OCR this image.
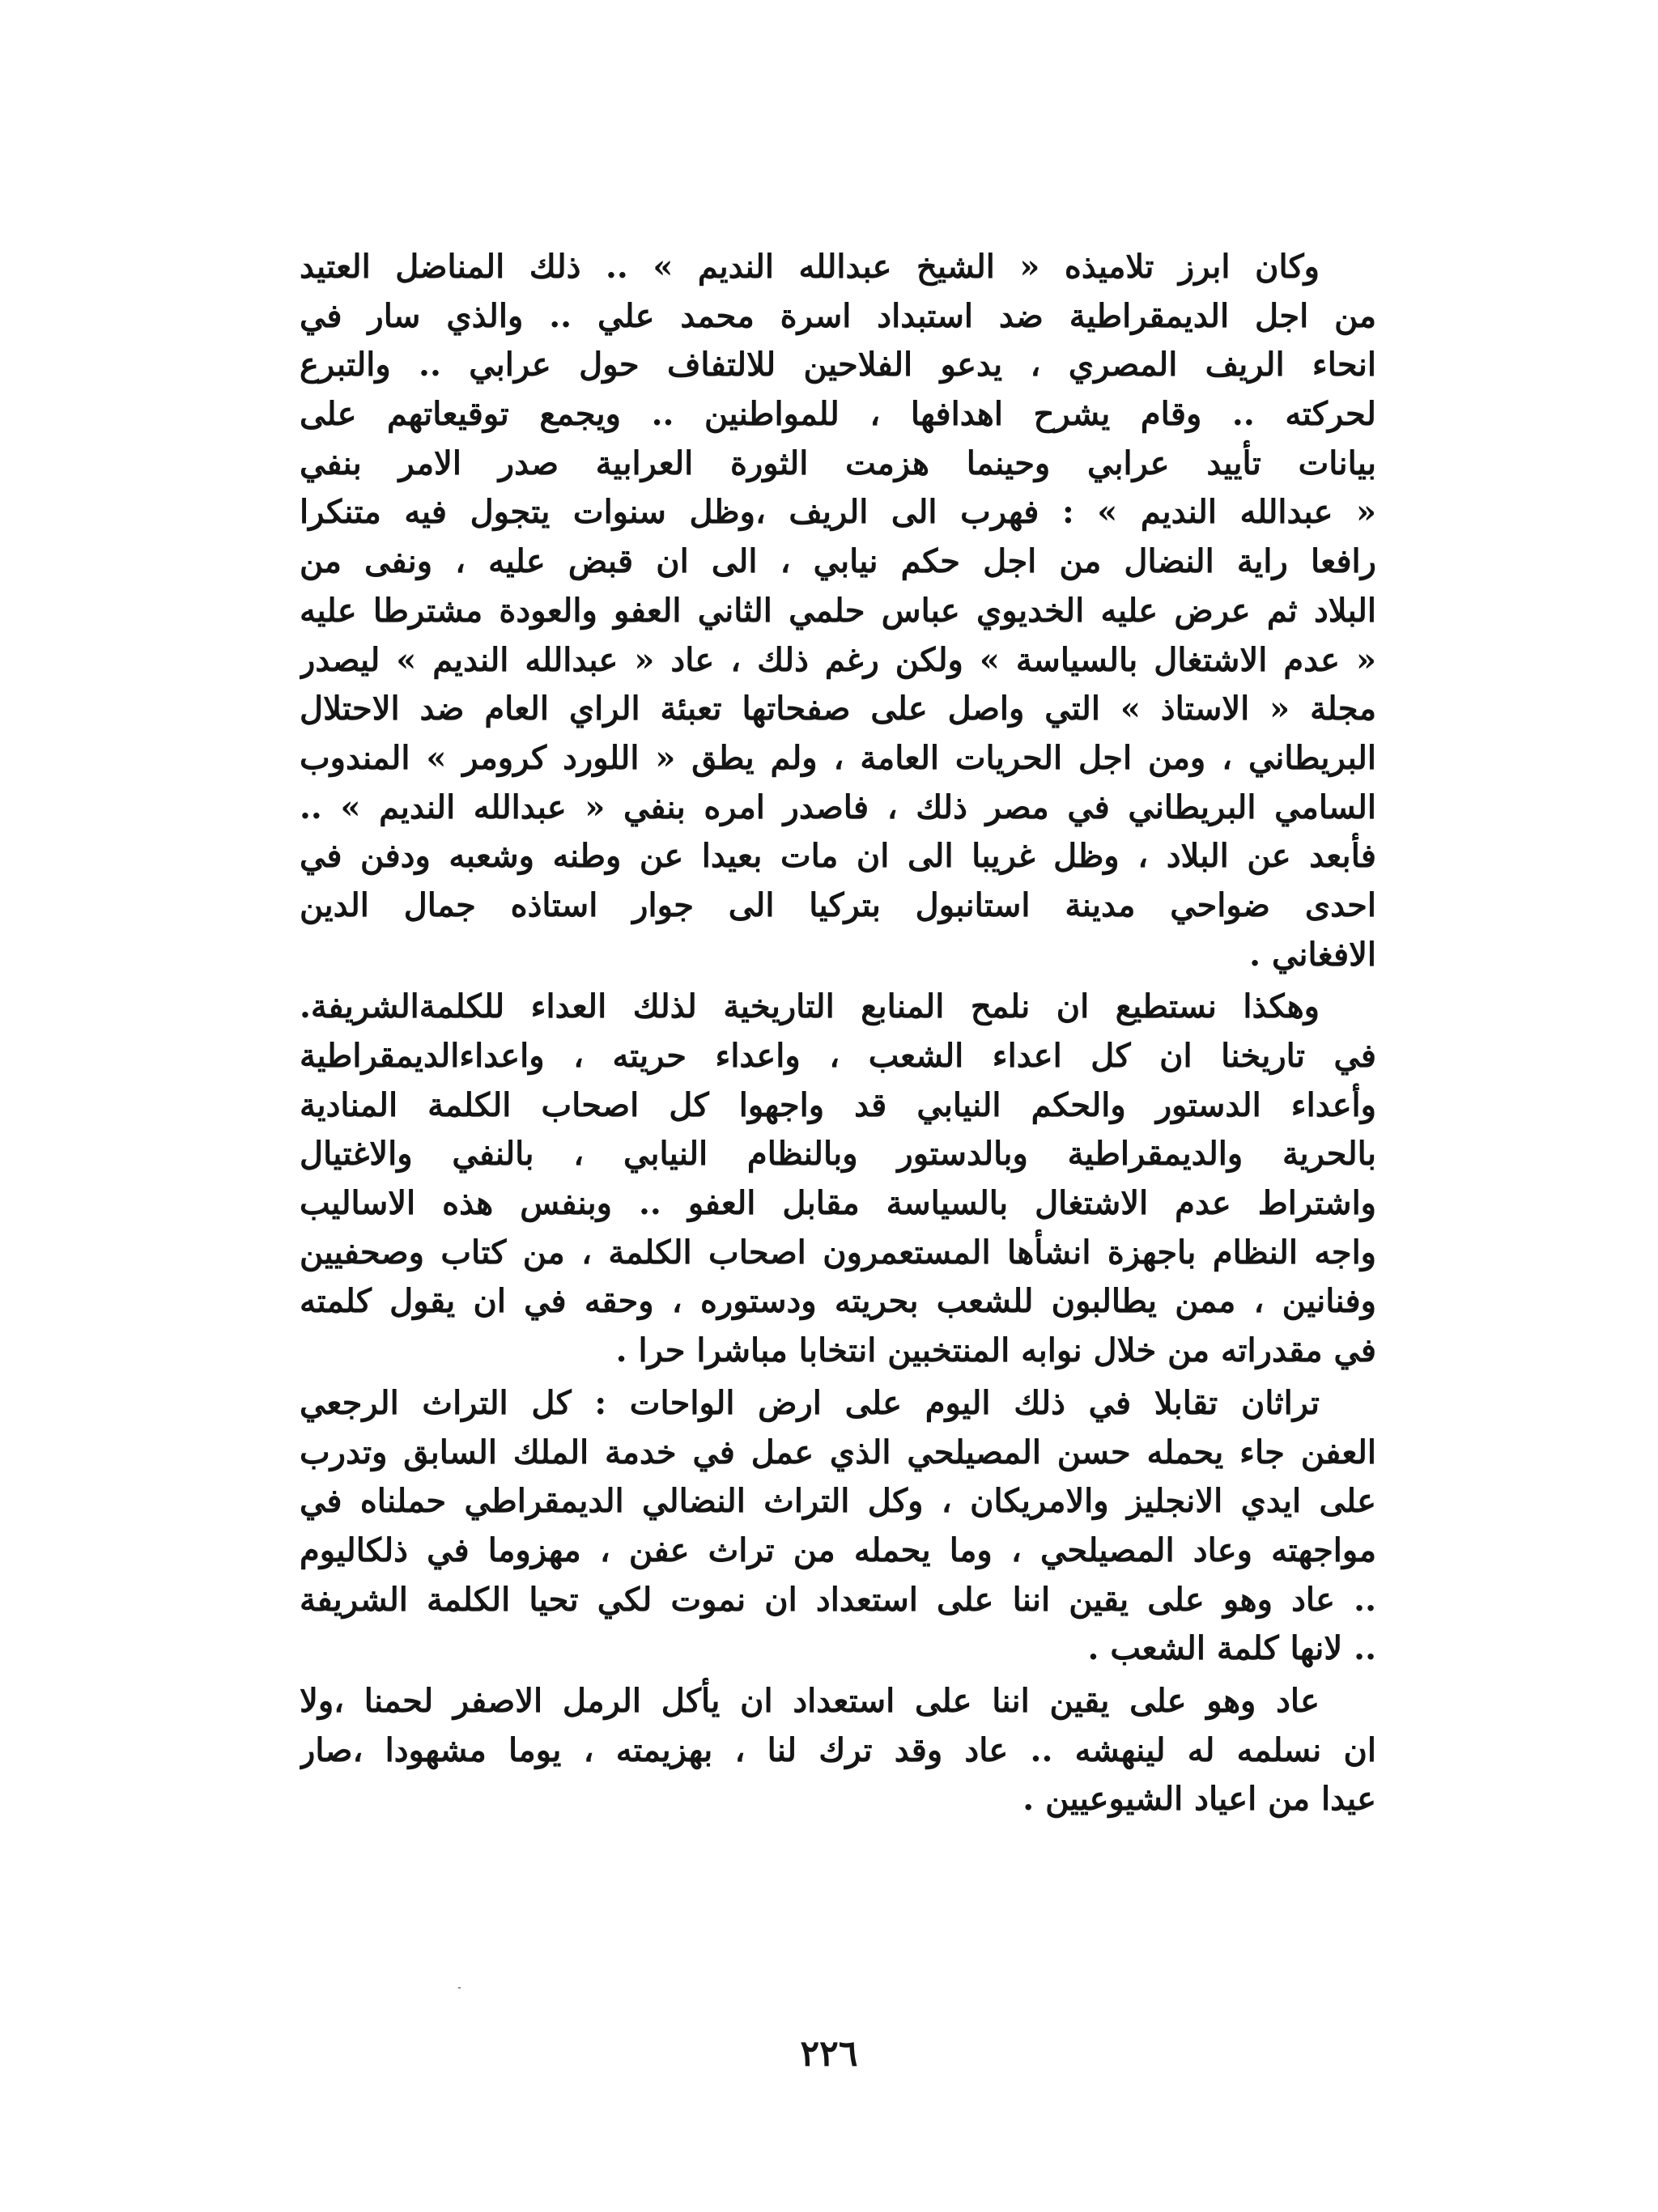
وكان ابرز تلاميذه « الشيخ عبدالله النديم » .. ذلك المناضل العتيد
من اجل الديمقراطية ضد استبداد اسرة محمد علي .. والذي سار في
انحاء الريف المصري ، يدعو الفلاحين للالتفاف حول عرابي .. والتبرع
لحركته .. وقام يشرح اهدافها ، للمواطنين .. ويجمع توقيعاتهم على
بيانات تأييد عرابي وحينما هزمت الثورة العرابية صدر الامر بنفي
« عبدالله النديم » : فهرب الى الريف ،وظل سنوات يتجول فيه متنكرا
رافعا راية النضال من اجل حكم نيابي ، الى ان قبض عليه ، ونفى من
البلاد ثم عرض عليه الخديوي عباس حلمي الثاني العفو والعودة مشترطا عليه
« عدم الاشتغال بالسياسة » ولكن رغم ذلك ، عاد « عبدالله النديم » ليصدر
مجلة « الاستاذ » التي واصل على صفحاتها تعبئة الراي العام ضد الاحتلال
البريطاني ، ومن اجل الحريات العامة ، ولم يطق « اللورد كرومر » المندوب
السامي البريطاني في مصر ذلك ، فاصدر امره بنفي « عبدالله النديم » ..
فأبعد عن البلاد ، وظل غريبا الى ان مات بعيدا عن وطنه وشعبه ودفن في
احدى ضواحي مدينة استانبول بتركيا الى جوار استاذه جمال الدين
الافغاني .
وهكذا نستطيع ان نلمح المنابع التاريخية لذلك العداء للكلمةالشريفة.
في تاريخنا ان كل اعداء الشعب ، واعداء حريته ، واعداءالديمقراطية
وأعداء الدستور والحكم النيابي قد واجهوا كل اصحاب الكلمة المنادية
بالحرية والديمقراطية وبالدستور وبالنظام النيابي ، بالنفي والاغتيال
واشتراط عدم الاشتغال بالسياسة مقابل العفو .. وبنفس هذه الاساليب
واجه النظام باجهزة انشأها المستعمرون اصحاب الكلمة ، من كتاب وصحفيين
وفنانين ، ممن يطالبون للشعب بحريته ودستوره ، وحقه في ان يقول كلمته
في مقدراته من خلال نوابه المنتخبين انتخابا مباشرا حرا .
تراثان تقابلا في ذلك اليوم على ارض الواحات : كل التراث الرجعي
العفن جاء يحمله حسن المصيلحي الذي عمل في خدمة الملك السابق وتدرب
على ايدي الانجليز والامريكان ، وكل التراث النضالي الديمقراطي حملناه في
مواجهته وعاد المصيلحي ، وما يحمله من تراث عفن ، مهزوما في ذلكاليوم
.. عاد وهو على يقين اننا على استعداد ان نموت لكي تحيا الكلمة الشريفة
.. لانها كلمة الشعب .
عاد وهو على يقين اننا على استعداد ان يأكل الرمل الاصفر لحمنا ،ولا
ان نسلمه له لينهشه .. عاد وقد ترك لنا ، بهزيمته ، يوما مشهودا ،صار
عيدا من اعياد الشيوعيين .
٢٢٦
